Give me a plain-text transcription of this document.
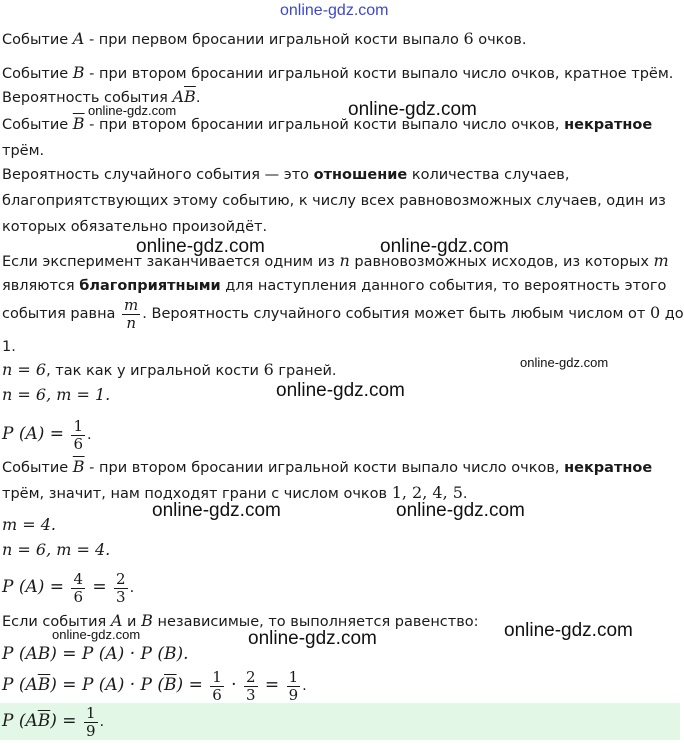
online-gdz.com
Событие A - при первом бросании игральной кости выпало 6 очков.
Событие B - при втором бросании игральной кости выпало число очков, кратное трём.
Вероятность события $A\overline{B}$.
online-gdz.com	online-gdz.com
Событие $\overline{B}$ - при втором бросании игральной кости выпало число очков, некратное
трём.
Вероятность случайного события — это отношение количества случаев,
благоприятствующих этому событию, к числу всех равновозможных случаев, один из
которых обязательно произойдёт.
online-gdz.com	online-gdz.com
Если эксперимент заканчивается одним из n равновозможных исходов, из которых m
являются благоприятными для наступления данного события, то вероятность этого
события равна $\frac{m}{n}$ . Вероятность случайного события может быть любым числом от 0 до
1.
online-gdz.com
n = 6, так как у игральной кости 6 граней.
online-gdz.com
n = 6, m = 1.
P $(A) = \frac{1}{6}$ .
Событие $\overline{B}$ - при втором бросании игральной кости выпало число очков, некратное
трём, значит, нам подходят грани с числом очков 1, 2, 4, 5.
online-gdz.com	online-gdz.com
m = 4.
n = 6, m = 4.
P $(A) = \frac{4}{6} = \frac{2}{3}$ .
Если события A и B независимые, то выполняется равенство:
online-gdz.com	online-gdz.com	online-gdz.com
P (AB) = P (A) · P (B).
P $(A\overline{B}) = P$ (A) · P $(\overline{B}) = \frac{1}{6} \cdot \frac{2}{3} = \frac{1}{9}$ .
P $(A\overline{B}) = \frac{1}{9}$ .
